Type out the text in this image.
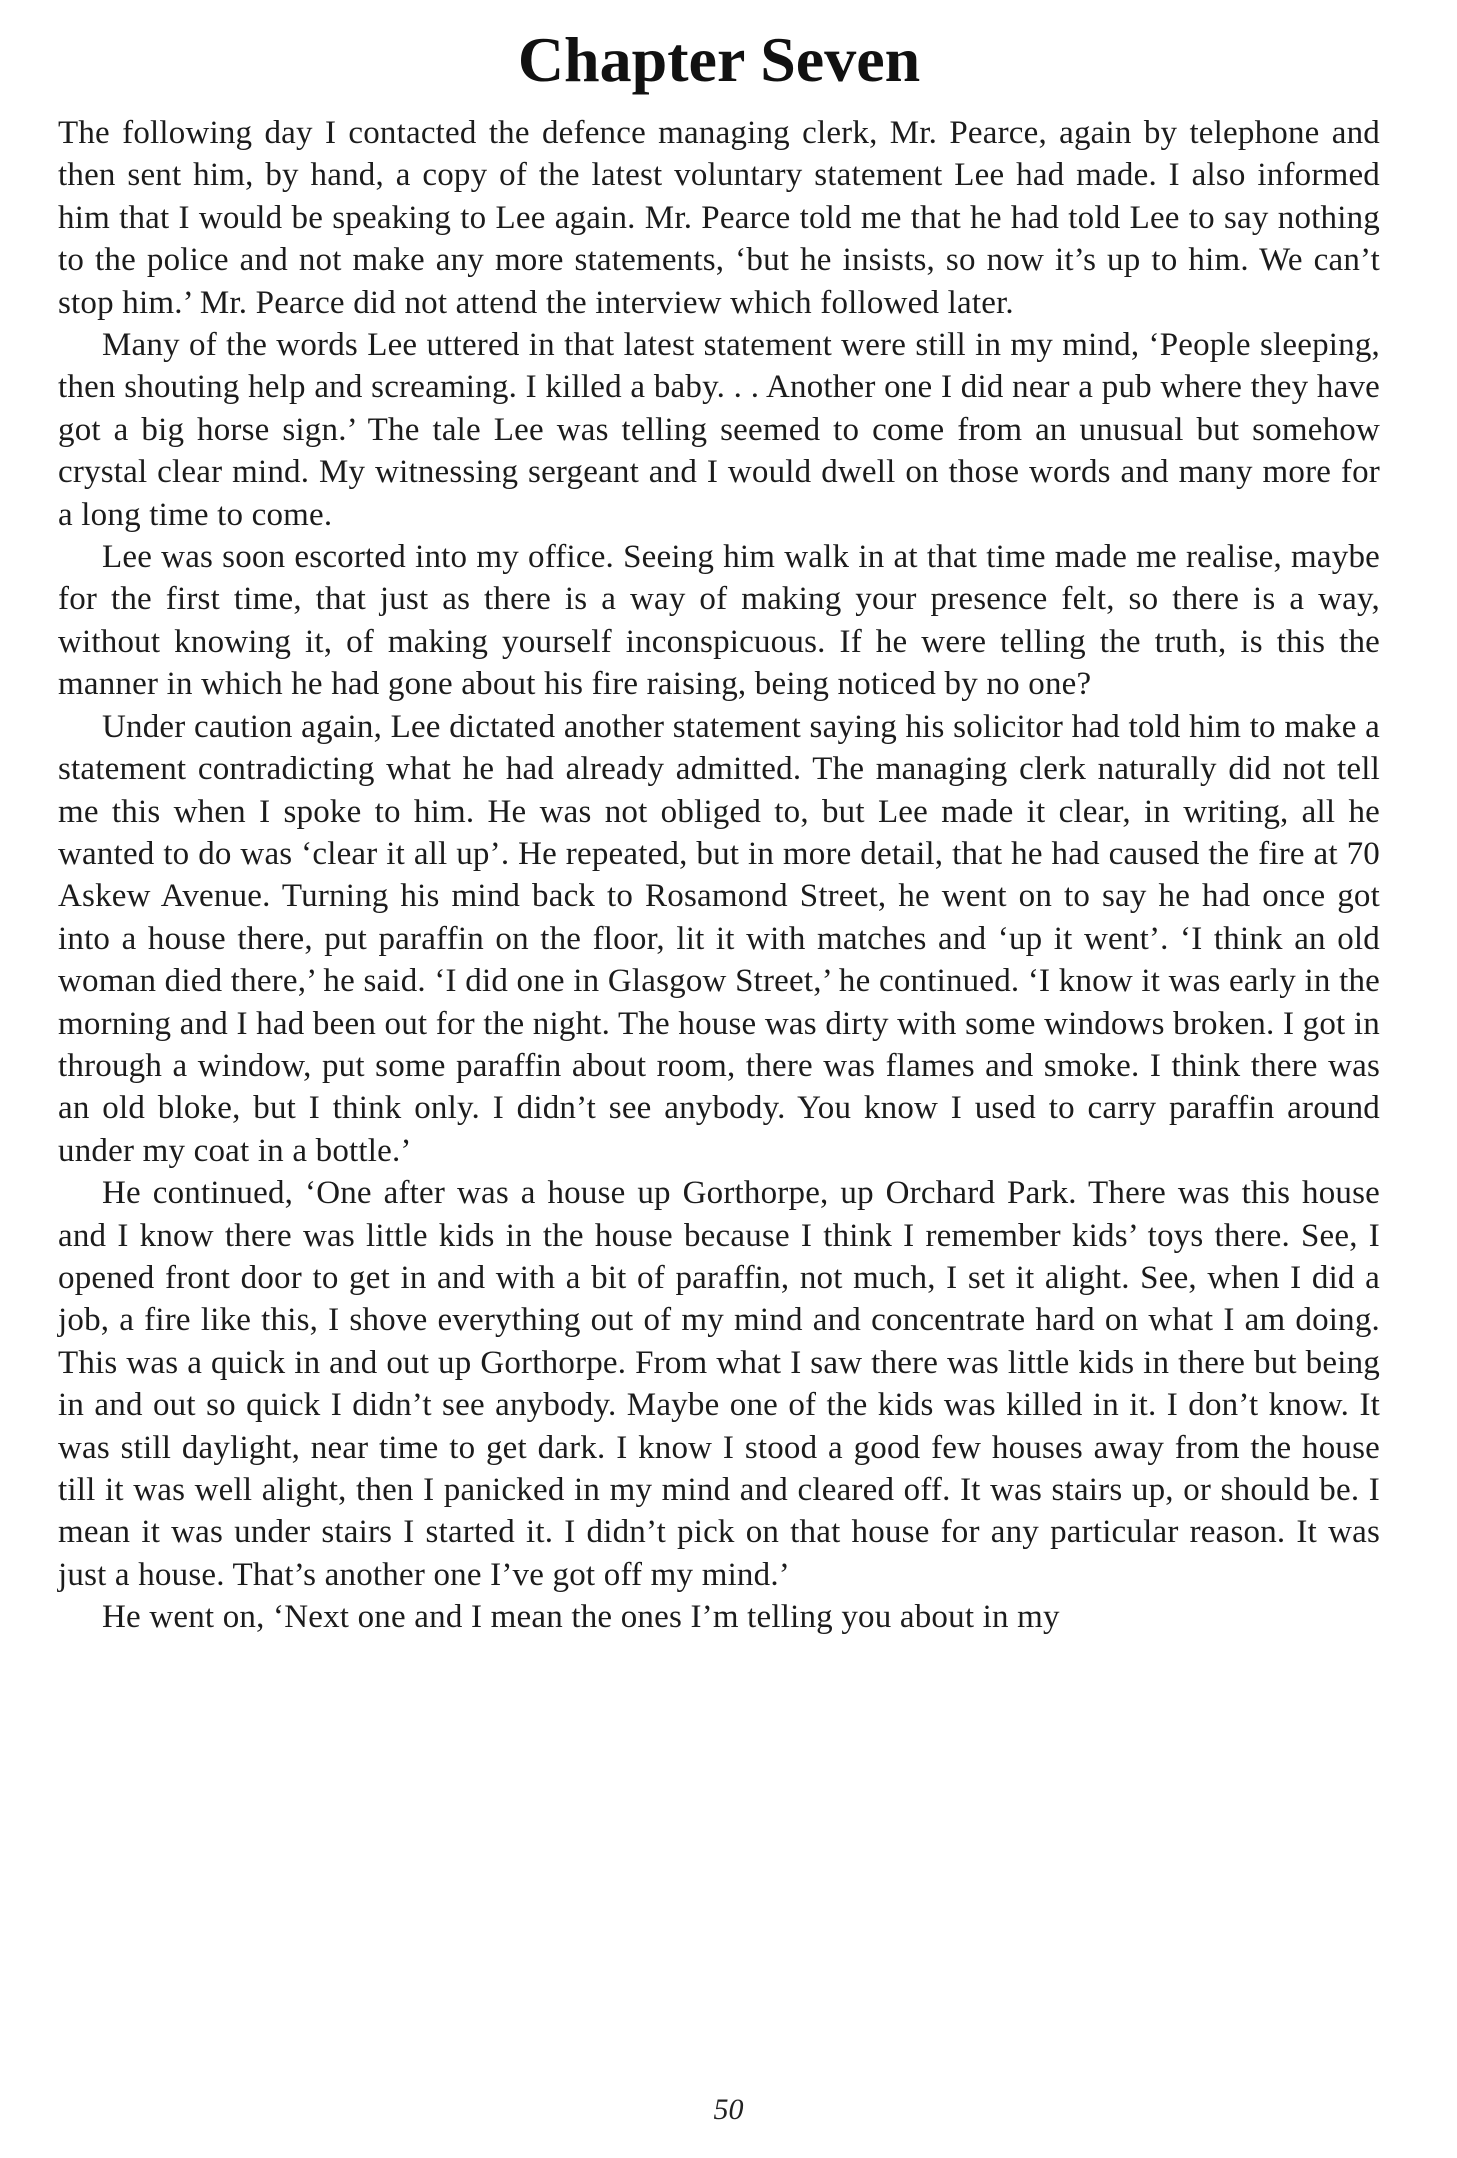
Chapter Seven

The following day I contacted the defence managing clerk, Mr. Pearce, again by telephone and then sent him, by hand, a copy of the latest voluntary statement Lee had made. I also informed him that I would be speaking to Lee again. Mr. Pearce told me that he had told Lee to say nothing to the police and not make any more statements, ‘but he insists, so now it’s up to him. We can’t stop him.’ Mr. Pearce did not attend the interview which followed later.

Many of the words Lee uttered in that latest statement were still in my mind, ‘People sleeping, then shouting help and screaming. I killed a baby. . . Another one I did near a pub where they have got a big horse sign.’ The tale Lee was telling seemed to come from an unusual but somehow crystal clear mind. My witnessing sergeant and I would dwell on those words and many more for a long time to come.

Lee was soon escorted into my office. Seeing him walk in at that time made me realise, maybe for the first time, that just as there is a way of making your presence felt, so there is a way, without knowing it, of making yourself inconspicuous. If he were telling the truth, is this the manner in which he had gone about his fire raising, being noticed by no one?

Under caution again, Lee dictated another statement saying his solicitor had told him to make a statement contradicting what he had already admitted. The managing clerk naturally did not tell me this when I spoke to him. He was not obliged to, but Lee made it clear, in writing, all he wanted to do was ‘clear it all up’. He repeated, but in more detail, that he had caused the fire at 70 Askew Avenue. Turning his mind back to Rosamond Street, he went on to say he had once got into a house there, put paraffin on the floor, lit it with matches and ‘up it went’. ‘I think an old woman died there,’ he said. ‘I did one in Glasgow Street,’ he continued. ‘I know it was early in the morning and I had been out for the night. The house was dirty with some windows broken. I got in through a window, put some paraffin about room, there was flames and smoke. I think there was an old bloke, but I think only. I didn’t see anybody. You know I used to carry paraffin around under my coat in a bottle.’

He continued, ‘One after was a house up Gorthorpe, up Orchard Park. There was this house and I know there was little kids in the house because I think I remember kids’ toys there. See, I opened front door to get in and with a bit of paraffin, not much, I set it alight. See, when I did a job, a fire like this, I shove everything out of my mind and concentrate hard on what I am doing. This was a quick in and out up Gorthorpe. From what I saw there was little kids in there but being in and out so quick I didn’t see anybody. Maybe one of the kids was killed in it. I don’t know. It was still daylight, near time to get dark. I know I stood a good few houses away from the house till it was well alight, then I panicked in my mind and cleared off. It was stairs up, or should be. I mean it was under stairs I started it. I didn’t pick on that house for any particular reason. It was just a house. That’s another one I’ve got off my mind.’

He went on, ‘Next one and I mean the ones I’m telling you about in my

50
